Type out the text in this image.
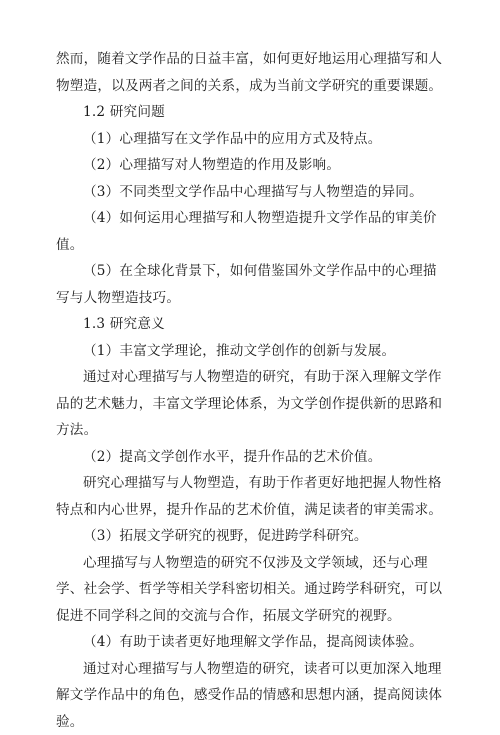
然而，随着文学作品的日益丰富，如何更好地运用心理描写和人物塑造，以及两者之间的关系，成为当前文学研究的重要课题。

1.2 研究问题

（1）心理描写在文学作品中的应用方式及特点。

（2）心理描写对人物塑造的作用及影响。

（3）不同类型文学作品中心理描写与人物塑造的异同。

（4）如何运用心理描写和人物塑造提升文学作品的审美价值。

（5）在全球化背景下，如何借鉴国外文学作品中的心理描写与人物塑造技巧。

1.3 研究意义

（1）丰富文学理论，推动文学创作的创新与发展。

通过对心理描写与人物塑造的研究，有助于深入理解文学作品的艺术魅力，丰富文学理论体系，为文学创作提供新的思路和方法。

（2）提高文学创作水平，提升作品的艺术价值。

研究心理描写与人物塑造，有助于作者更好地把握人物性格特点和内心世界，提升作品的艺术价值，满足读者的审美需求。

（3）拓展文学研究的视野，促进跨学科研究。

心理描写与人物塑造的研究不仅涉及文学领域，还与心理学、社会学、哲学等相关学科密切相关。通过跨学科研究，可以促进不同学科之间的交流与合作，拓展文学研究的视野。

（4）有助于读者更好地理解文学作品，提高阅读体验。

通过对心理描写与人物塑造的研究，读者可以更加深入地理解文学作品中的角色，感受作品的情感和思想内涵，提高阅读体验。
